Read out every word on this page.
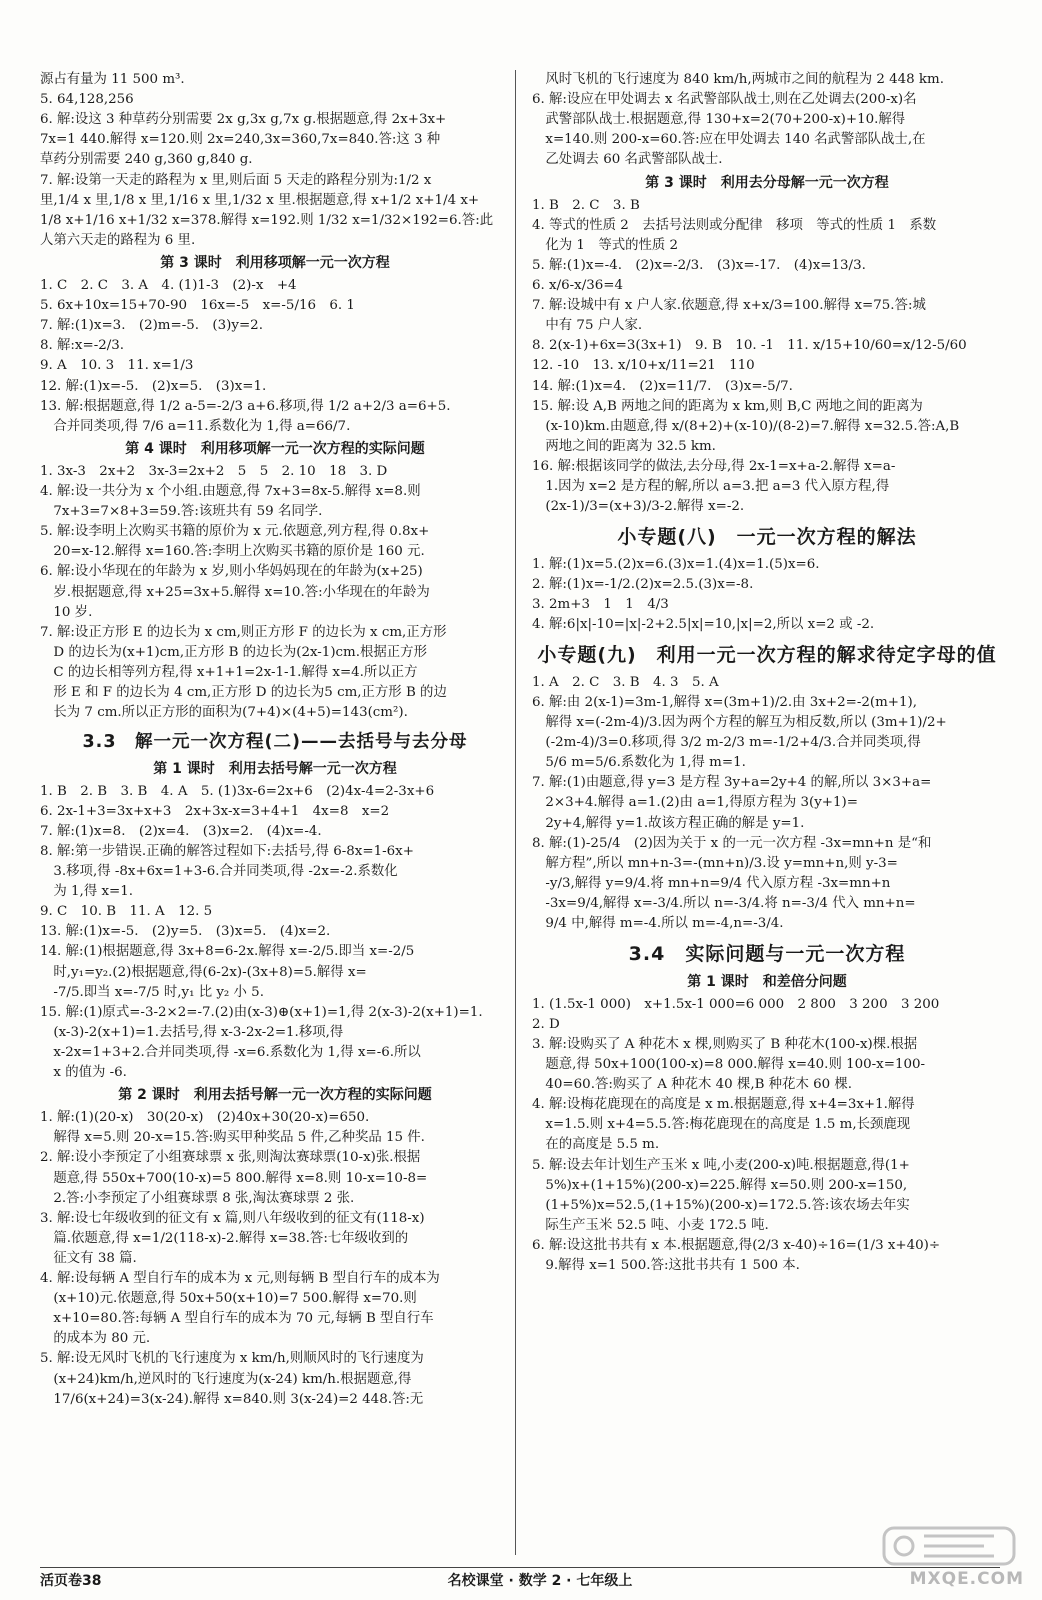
源占有量为 11 500 m³.
5. 64,128,256
6. 解:设这 3 种草药分别需要 2x g,3x g,7x g.根据题意,得 2x+3x+
7x=1 440.解得 x=120.则 2x=240,3x=360,7x=840.答:这 3 种
草药分别需要 240 g,360 g,840 g.
7. 解:设第一天走的路程为 x 里,则后面 5 天走的路程分别为:1/2 x
里,1/4 x 里,1/8 x 里,1/16 x 里,1/32 x 里.根据题意,得 x+1/2 x+1/4 x+
1/8 x+1/16 x+1/32 x=378.解得 x=192.则 1/32 x=1/32×192=6.答:此
人第六天走的路程为 6 里.
第 3 课时　利用移项解一元一次方程
1. C　2. C　3. A　4. (1)1-3　(2)-x　+4
5. 6x+10x=15+70-90　16x=-5　x=-5/16　6. 1
7. 解:(1)x=3.　(2)m=-5.　(3)y=2.
8. 解:x=-2/3.
9. A　10. 3　11. x=1/3
12. 解:(1)x=-5.　(2)x=5.　(3)x=1.
13. 解:根据题意,得 1/2 a-5=-2/3 a+6.移项,得 1/2 a+2/3 a=6+5.
　合并同类项,得 7/6 a=11.系数化为 1,得 a=66/7.
第 4 课时　利用移项解一元一次方程的实际问题
1. 3x-3　2x+2　3x-3=2x+2　5　5　2. 10　18　3. D
4. 解:设一共分为 x 个小组.由题意,得 7x+3=8x-5.解得 x=8.则
　7x+3=7×8+3=59.答:该班共有 59 名同学.
5. 解:设李明上次购买书籍的原价为 x 元.依题意,列方程,得 0.8x+
　20=x-12.解得 x=160.答:李明上次购买书籍的原价是 160 元.
6. 解:设小华现在的年龄为 x 岁,则小华妈妈现在的年龄为(x+25)
　岁.根据题意,得 x+25=3x+5.解得 x=10.答:小华现在的年龄为
　10 岁.
7. 解:设正方形 E 的边长为 x cm,则正方形 F 的边长为 x cm,正方形
　D 的边长为(x+1)cm,正方形 B 的边长为(2x-1)cm.根据正方形
　C 的边长相等列方程,得 x+1+1=2x-1-1.解得 x=4.所以正方
　形 E 和 F 的边长为 4 cm,正方形 D 的边长为5 cm,正方形 B 的边
　长为 7 cm.所以正方形的面积为(7+4)×(4+5)=143(cm²).
3.3　解一元一次方程(二)——去括号与去分母
第 1 课时　利用去括号解一元一次方程
1. B　2. B　3. B　4. A　5. (1)3x-6=2x+6　(2)4x-4=2-3x+6
6. 2x-1+3=3x+x+3　2x+3x-x=3+4+1　4x=8　x=2
7. 解:(1)x=8.　(2)x=4.　(3)x=2.　(4)x=-4.
8. 解:第一步错误.正确的解答过程如下:去括号,得 6-8x=1-6x+
　3.移项,得 -8x+6x=1+3-6.合并同类项,得 -2x=-2.系数化
　为 1,得 x=1.
9. C　10. B　11. A　12. 5
13. 解:(1)x=-5.　(2)y=5.　(3)x=5.　(4)x=2.
14. 解:(1)根据题意,得 3x+8=6-2x.解得 x=-2/5.即当 x=-2/5
　时,y₁=y₂.(2)根据题意,得(6-2x)-(3x+8)=5.解得 x=
　-7/5.即当 x=-7/5 时,y₁ 比 y₂ 小 5.
15. 解:(1)原式=-3-2×2=-7.(2)由(x-3)⊕(x+1)=1,得 2(x-3)-2(x+1)=1.
　(x-3)-2(x+1)=1.去括号,得 x-3-2x-2=1.移项,得
　x-2x=1+3+2.合并同类项,得 -x=6.系数化为 1,得 x=-6.所以
　x 的值为 -6.
第 2 课时　利用去括号解一元一次方程的实际问题
1. 解:(1)(20-x)　30(20-x)　(2)40x+30(20-x)=650.
　解得 x=5.则 20-x=15.答:购买甲种奖品 5 件,乙种奖品 15 件.
2. 解:设小李预定了小组赛球票 x 张,则淘汰赛球票(10-x)张.根据
　题意,得 550x+700(10-x)=5 800.解得 x=8.则 10-x=10-8=
　2.答:小李预定了小组赛球票 8 张,淘汰赛球票 2 张.
3. 解:设七年级收到的征文有 x 篇,则八年级收到的征文有(118-x)
　篇.依题意,得 x=1/2(118-x)-2.解得 x=38.答:七年级收到的
　征文有 38 篇.
4. 解:设每辆 A 型自行车的成本为 x 元,则每辆 B 型自行车的成本为
　(x+10)元.依题意,得 50x+50(x+10)=7 500.解得 x=70.则
　x+10=80.答:每辆 A 型自行车的成本为 70 元,每辆 B 型自行车
　的成本为 80 元.
5. 解:设无风时飞机的飞行速度为 x km/h,则顺风时的飞行速度为
　(x+24)km/h,逆风时的飞行速度为(x-24) km/h.根据题意,得
　17/6(x+24)=3(x-24).解得 x=840.则 3(x-24)=2 448.答:无
　风时飞机的飞行速度为 840 km/h,两城市之间的航程为 2 448 km.
6. 解:设应在甲处调去 x 名武警部队战士,则在乙处调去(200-x)名
　武警部队战士.根据题意,得 130+x=2(70+200-x)+10.解得
　x=140.则 200-x=60.答:应在甲处调去 140 名武警部队战士,在
　乙处调去 60 名武警部队战士.
第 3 课时　利用去分母解一元一次方程
1. B　2. C　3. B
4. 等式的性质 2　去括号法则或分配律　移项　等式的性质 1　系数
　化为 1　等式的性质 2
5. 解:(1)x=-4.　(2)x=-2/3.　(3)x=-17.　(4)x=13/3.
6. x/6-x/36=4
7. 解:设城中有 x 户人家.依题意,得 x+x/3=100.解得 x=75.答:城
　中有 75 户人家.
8. 2(x-1)+6x=3(3x+1)　9. B　10. -1　11. x/15+10/60=x/12-5/60
12. -10　13. x/10+x/11=21　110
14. 解:(1)x=4.　(2)x=11/7.　(3)x=-5/7.
15. 解:设 A,B 两地之间的距离为 x km,则 B,C 两地之间的距离为
　(x-10)km.由题意,得 x/(8+2)+(x-10)/(8-2)=7.解得 x=32.5.答:A,B
　两地之间的距离为 32.5 km.
16. 解:根据该同学的做法,去分母,得 2x-1=x+a-2.解得 x=a-
　1.因为 x=2 是方程的解,所以 a=3.把 a=3 代入原方程,得
　(2x-1)/3=(x+3)/3-2.解得 x=-2.
小专题(八)　一元一次方程的解法
1. 解:(1)x=5.(2)x=6.(3)x=1.(4)x=1.(5)x=6.
2. 解:(1)x=-1/2.(2)x=2.5.(3)x=-8.
3. 2m+3　1　1　4/3
4. 解:6|x|-10=|x|-2+2.5|x|=10,|x|=2,所以 x=2 或 -2.
小专题(九)　利用一元一次方程的解求待定字母的值
1. A　2. C　3. B　4. 3　5. A
6. 解:由 2(x-1)=3m-1,解得 x=(3m+1)/2.由 3x+2=-2(m+1),
　解得 x=(-2m-4)/3.因为两个方程的解互为相反数,所以 (3m+1)/2+
　(-2m-4)/3=0.移项,得 3/2 m-2/3 m=-1/2+4/3.合并同类项,得
　5/6 m=5/6.系数化为 1,得 m=1.
7. 解:(1)由题意,得 y=3 是方程 3y+a=2y+4 的解,所以 3×3+a=
　2×3+4.解得 a=1.(2)由 a=1,得原方程为 3(y+1)=
　2y+4,解得 y=1.故该方程正确的解是 y=1.
8. 解:(1)-25/4　(2)因为关于 x 的一元一次方程 -3x=mn+n 是“和
　解方程”,所以 mn+n-3=-(mn+n)/3.设 y=mn+n,则 y-3=
　-y/3,解得 y=9/4.将 mn+n=9/4 代入原方程 -3x=mn+n
　-3x=9/4,解得 x=-3/4.所以 n=-3/4.将 n=-3/4 代入 mn+n=
　9/4 中,解得 m=-4.所以 m=-4,n=-3/4.
3.4　实际问题与一元一次方程
第 1 课时　和差倍分问题
1. (1.5x-1 000)　x+1.5x-1 000=6 000　2 800　3 200　3 200
2. D
3. 解:设购买了 A 种花木 x 棵,则购买了 B 种花木(100-x)棵.根据
　题意,得 50x+100(100-x)=8 000.解得 x=40.则 100-x=100-
　40=60.答:购买了 A 种花木 40 棵,B 种花木 60 棵.
4. 解:设梅花鹿现在的高度是 x m.根据题意,得 x+4=3x+1.解得
　x=1.5.则 x+4=5.5.答:梅花鹿现在的高度是 1.5 m,长颈鹿现
　在的高度是 5.5 m.
5. 解:设去年计划生产玉米 x 吨,小麦(200-x)吨.根据题意,得(1+
　5%)x+(1+15%)(200-x)=225.解得 x=50.则 200-x=150,
　(1+5%)x=52.5,(1+15%)(200-x)=172.5.答:该农场去年实
　际生产玉米 52.5 吨、小麦 172.5 吨.
6. 解:设这批书共有 x 本.根据题意,得(2/3 x-40)÷16=(1/3 x+40)÷
　9.解得 x=1 500.答:这批书共有 1 500 本.
活页卷38	名校课堂 · 数学 2 · 七年级上	MXQE.COM
